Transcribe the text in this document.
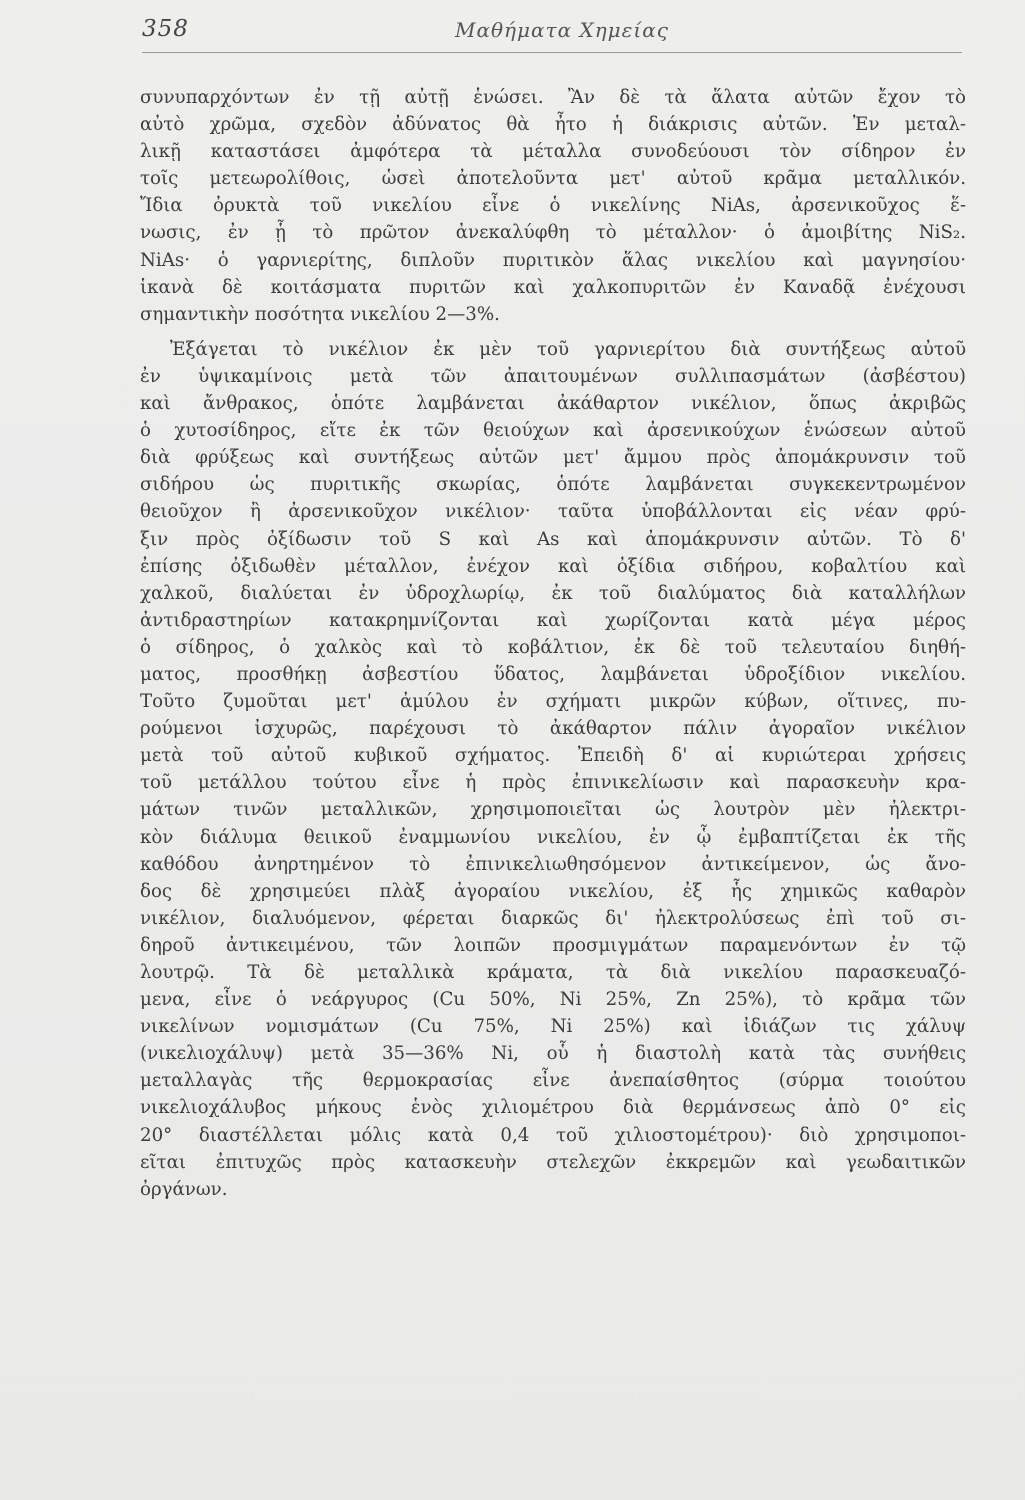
358	Μαθήματα Χημείας
συνυπαρχόντων ἐν τῇ αὐτῇ ἑνώσει. Ἂν δὲ τὰ ἅλατα αὐτῶν ἔχον τὸ
αὐτὸ χρῶμα, σχεδὸν ἀδύνατος θὰ ἦτο ἡ διάκρισις αὐτῶν. Ἐν μεταλ-
λικῇ καταστάσει ἀμφότερα τὰ μέταλλα συνοδεύουσι τὸν σίδηρον ἐν
τοῖς μετεωρολίθοις, ὡσεὶ ἀποτελοῦντα μετ' αὐτοῦ κρᾶμα μεταλλικόν.
Ἴδια ὀρυκτὰ τοῦ νικελίου εἶνε ὁ νικελίνης NiAs, ἀρσενικοῦχος ἕ-
νωσις, ἐν ᾗ τὸ πρῶτον ἀνεκαλύφθη τὸ μέταλλον· ὁ ἀμοιβίτης NiS₂.
NiAs· ὁ γαρνιερίτης, διπλοῦν πυριτικὸν ἅλας νικελίου καὶ μαγνησίου·
ἱκανὰ δὲ κοιτάσματα πυριτῶν καὶ χαλκοπυριτῶν ἐν Καναδᾷ ἐνέχουσι
σημαντικὴν ποσότητα νικελίου 2—3%.
Ἐξάγεται τὸ νικέλιον ἐκ μὲν τοῦ γαρνιερίτου διὰ συντήξεως αὐτοῦ
ἐν ὑψικαμίνοις μετὰ τῶν ἀπαιτουμένων συλλιπασμάτων (ἀσβέστου)
καὶ ἄνθρακος, ὁπότε λαμβάνεται ἀκάθαρτον νικέλιον, ὅπως ἀκριβῶς
ὁ χυτοσίδηρος, εἴτε ἐκ τῶν θειούχων καὶ ἀρσενικούχων ἑνώσεων αὐτοῦ
διὰ φρύξεως καὶ συντήξεως αὐτῶν μετ' ἄμμου πρὸς ἀπομάκρυνσιν τοῦ
σιδήρου ὡς πυριτικῆς σκωρίας, ὁπότε λαμβάνεται συγκεκεντρωμένον
θειοῦχον ἢ ἀρσενικοῦχον νικέλιον· ταῦτα ὑποβάλλονται εἰς νέαν φρύ-
ξιν πρὸς ὀξίδωσιν τοῦ S καὶ As καὶ ἀπομάκρυνσιν αὐτῶν. Τὸ δ'
ἐπίσης ὀξιδωθὲν μέταλλον, ἐνέχον καὶ ὀξίδια σιδήρου, κοβαλτίου καὶ
χαλκοῦ, διαλύεται ἐν ὑδροχλωρίῳ, ἐκ τοῦ διαλύματος διὰ καταλλήλων
ἀντιδραστηρίων κατακρημνίζονται καὶ χωρίζονται κατὰ μέγα μέρος
ὁ σίδηρος, ὁ χαλκὸς καὶ τὸ κοβάλτιον, ἐκ δὲ τοῦ τελευταίου διηθή-
ματος, προσθήκῃ ἀσβεστίου ὕδατος, λαμβάνεται ὑδροξίδιον νικελίου.
Τοῦτο ζυμοῦται μετ' ἀμύλου ἐν σχήματι μικρῶν κύβων, οἵτινες, πυ-
ρούμενοι ἰσχυρῶς, παρέχουσι τὸ ἀκάθαρτον πάλιν ἀγοραῖον νικέλιον
μετὰ τοῦ αὐτοῦ κυβικοῦ σχήματος. Ἐπειδὴ δ' αἱ κυριώτεραι χρήσεις
τοῦ μετάλλου τούτου εἶνε ἡ πρὸς ἐπινικελίωσιν καὶ παρασκευὴν κρα-
μάτων τινῶν μεταλλικῶν, χρησιμοποιεῖται ὡς λουτρὸν μὲν ἠλεκτρι-
κὸν διάλυμα θειικοῦ ἐναμμωνίου νικελίου, ἐν ᾧ ἐμβαπτίζεται ἐκ τῆς
καθόδου ἀνηρτημένον τὸ ἐπινικελιωθησόμενον ἀντικείμενον, ὡς ἄνο-
δος δὲ χρησιμεύει πλὰξ ἀγοραίου νικελίου, ἐξ ἧς χημικῶς καθαρὸν
νικέλιον, διαλυόμενον, φέρεται διαρκῶς δι' ἠλεκτρολύσεως ἐπὶ τοῦ σι-
δηροῦ ἀντικειμένου, τῶν λοιπῶν προσμιγμάτων παραμενόντων ἐν τῷ
λουτρῷ. Τὰ δὲ μεταλλικὰ κράματα, τὰ διὰ νικελίου παρασκευαζό-
μενα, εἶνε ὁ νεάργυρος (Cu 50%, Ni 25%, Zn 25%), τὸ κρᾶμα τῶν
νικελίνων νομισμάτων (Cu 75%, Ni 25%) καὶ ἰδιάζων τις χάλυψ
(νικελιοχάλυψ) μετὰ 35—36% Ni, οὗ ἡ διαστολὴ κατὰ τὰς συνήθεις
μεταλλαγὰς τῆς θερμοκρασίας εἶνε ἀνεπαίσθητος (σύρμα τοιούτου
νικελιοχάλυβος μήκους ἑνὸς χιλιομέτρου διὰ θερμάνσεως ἀπὸ 0° εἰς
20° διαστέλλεται μόλις κατὰ 0,4 τοῦ χιλιοστομέτρου)· διὸ χρησιμοποι-
εῖται ἐπιτυχῶς πρὸς κατασκευὴν στελεχῶν ἐκκρεμῶν καὶ γεωδαιτικῶν
ὀργάνων.
